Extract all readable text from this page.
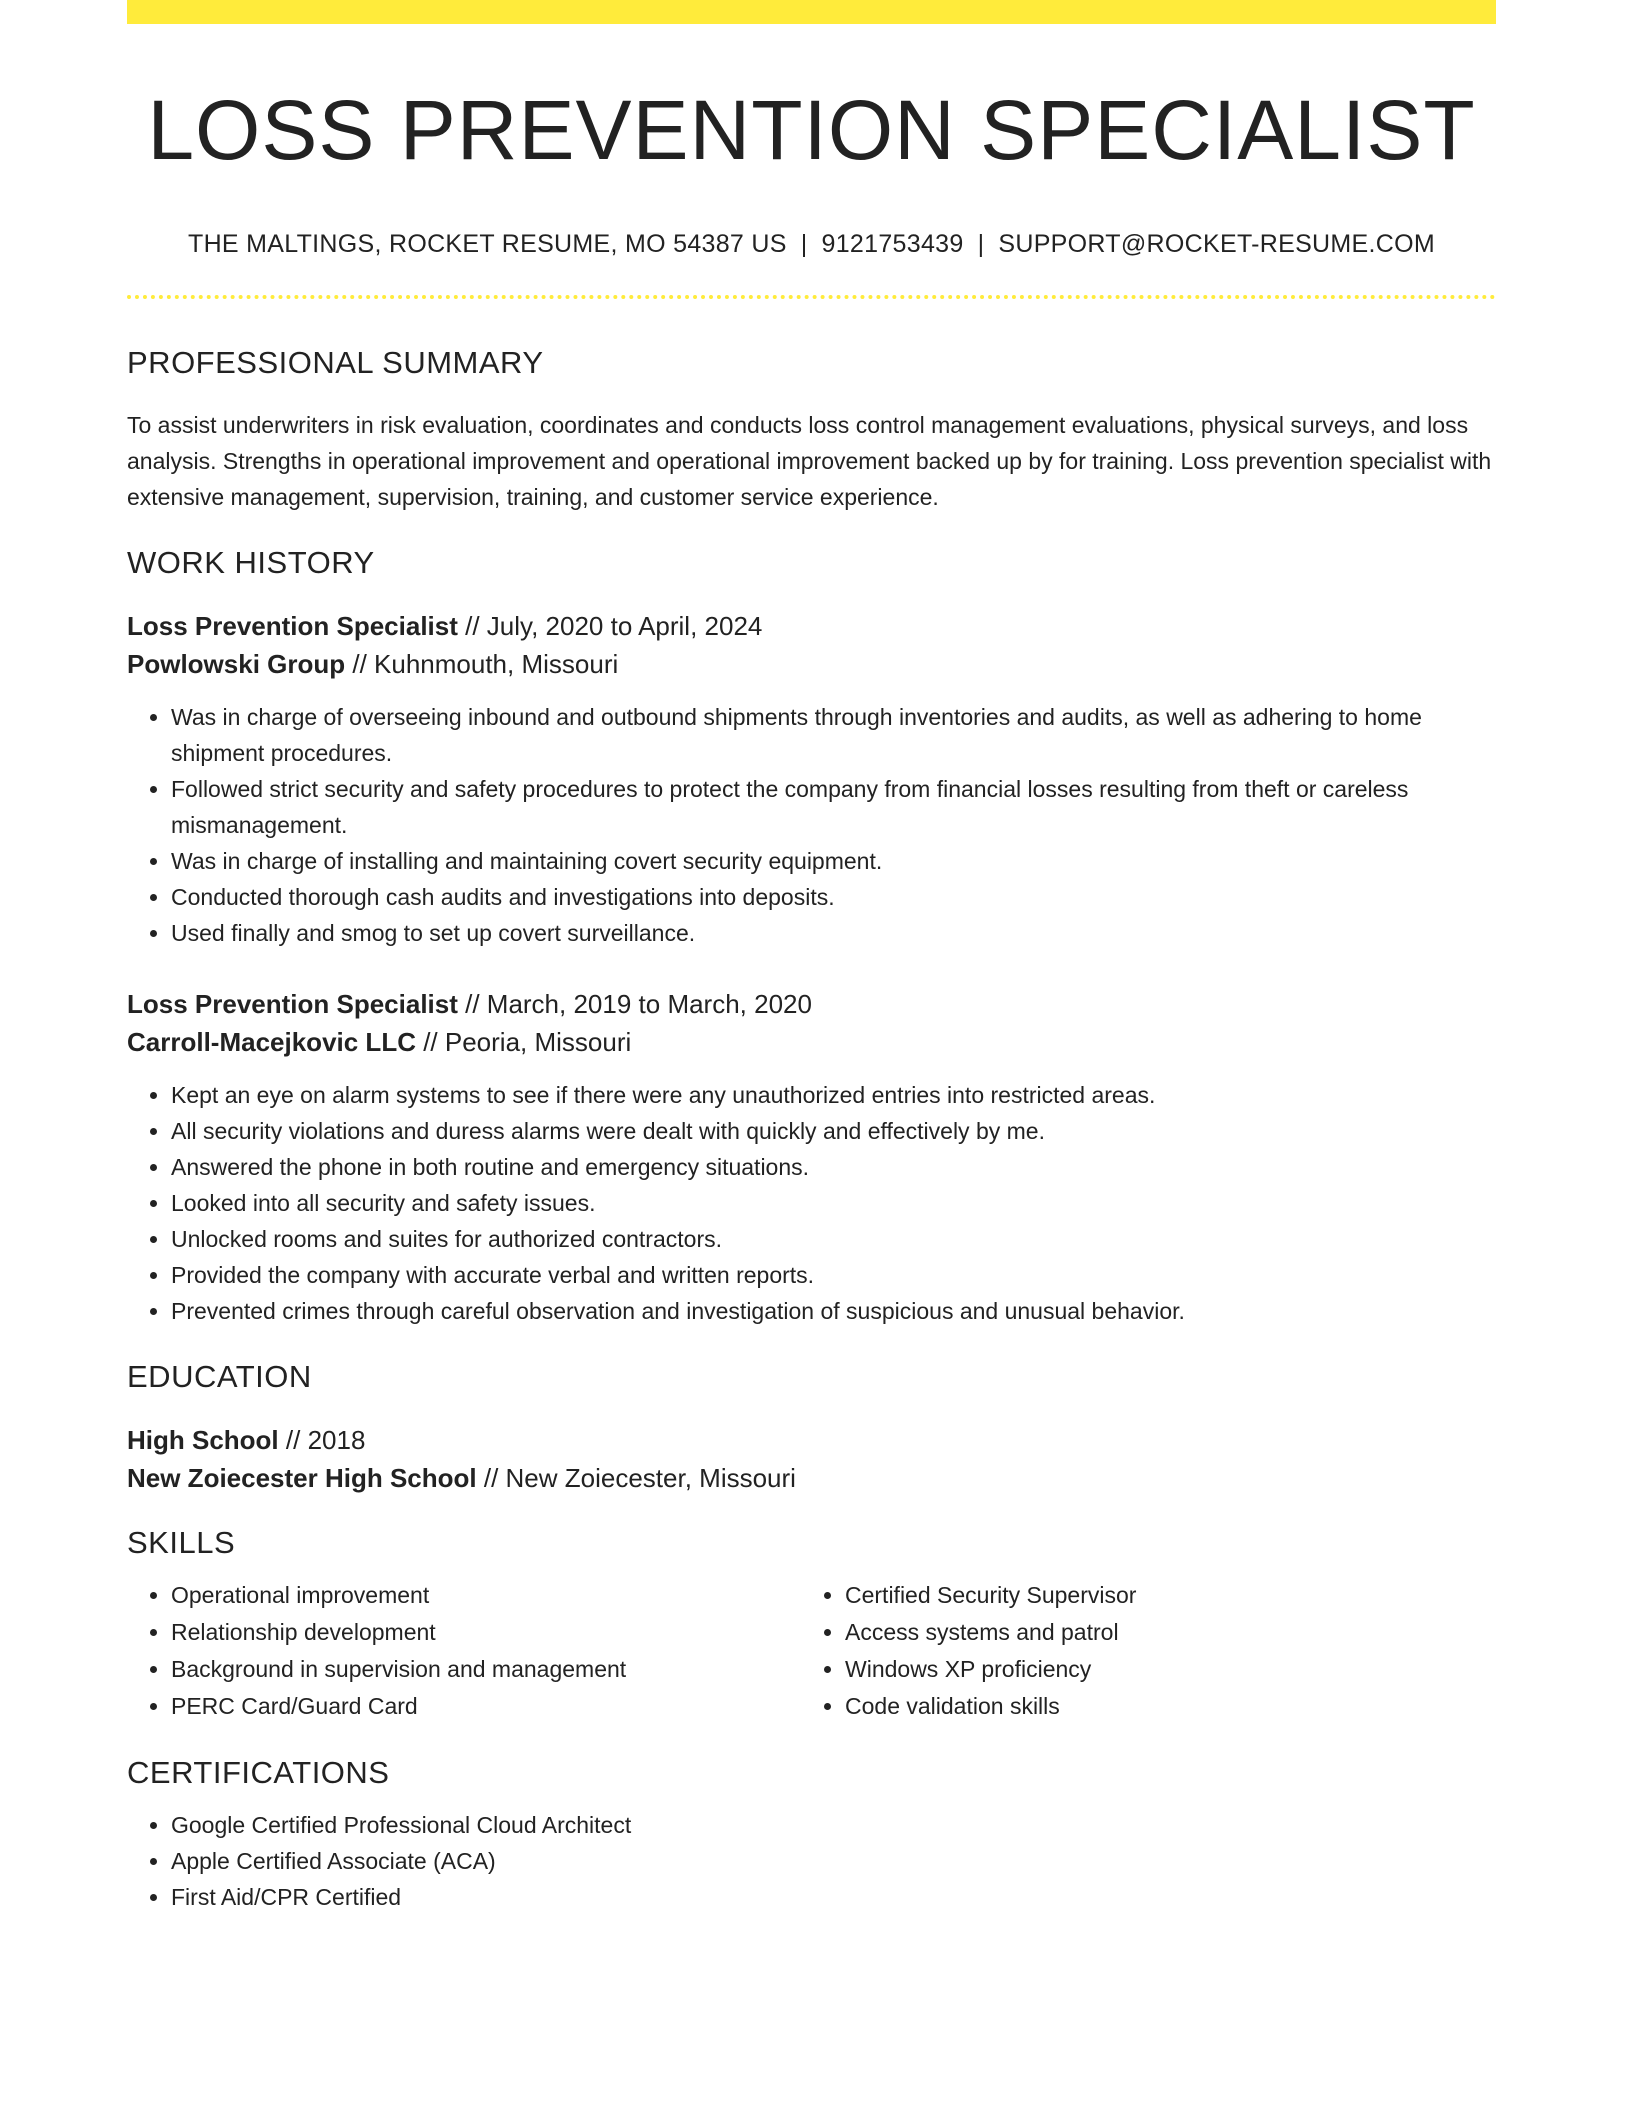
LOSS PREVENTION SPECIALIST
THE MALTINGS, ROCKET RESUME, MO 54387 US | 9121753439 | SUPPORT@ROCKET-RESUME.COM
PROFESSIONAL SUMMARY

To assist underwriters in risk evaluation, coordinates and conducts loss control management evaluations, physical surveys, and loss analysis. Strengths in operational improvement and operational improvement backed up by for training. Loss prevention specialist with extensive management, supervision, training, and customer service experience.

WORK HISTORY

Loss Prevention Specialist // July, 2020 to April, 2024

Powlowski Group // Kuhnmouth, Missouri

• Was in charge of overseeing inbound and outbound shipments through inventories and audits, as well as adhering to home shipment procedures.
• Followed strict security and safety procedures to protect the company from financial losses resulting from theft or careless mismanagement.
• Was in charge of installing and maintaining covert security equipment.
• Conducted thorough cash audits and investigations into deposits.
• Used finally and smog to set up covert surveillance.

Loss Prevention Specialist // March, 2019 to March, 2020

Carroll-Macejkovic LLC // Peoria, Missouri

• Kept an eye on alarm systems to see if there were any unauthorized entries into restricted areas.
• All security violations and duress alarms were dealt with quickly and effectively by me.
• Answered the phone in both routine and emergency situations.
• Looked into all security and safety issues.
• Unlocked rooms and suites for authorized contractors.
• Provided the company with accurate verbal and written reports.
• Prevented crimes through careful observation and investigation of suspicious and unusual behavior.
EDUCATION

High School // 2018

New Zoiecester High School // New Zoiecester, Missouri

SKILLS
• Operational improvement
• Relationship development
• Background in supervision and management
• PERC Card/Guard Card
• Certified Security Supervisor
• Access systems and patrol
• Windows XP proficiency
• Code validation skills
CERTIFICATIONS
• Google Certified Professional Cloud Architect
• Apple Certified Associate (ACA)
• First Aid/CPR Certified
